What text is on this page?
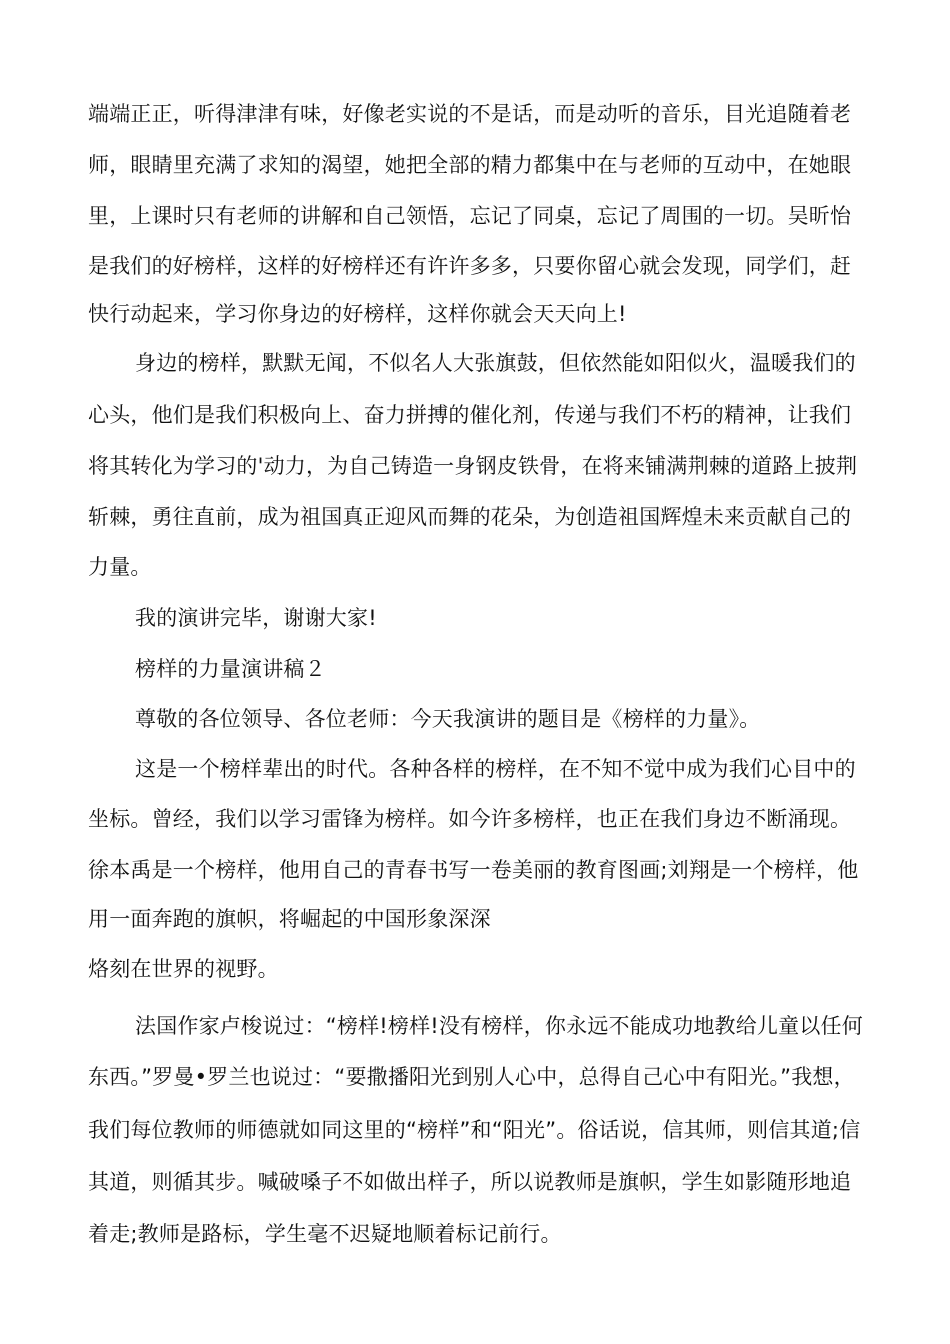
端端正正，听得津津有味，好像老实说的不是话，而是动听的音乐，目光追随着老
师，眼睛里充满了求知的渴望，她把全部的精力都集中在与老师的互动中，在她眼
里，上课时只有老师的讲解和自己领悟，忘记了同桌，忘记了周围的一切。吴昕怡
是我们的好榜样，这样的好榜样还有许许多多，只要你留心就会发现，同学们，赶
快行动起来，学习你身边的好榜样，这样你就会天天向上!
身边的榜样，默默无闻，不似名人大张旗鼓，但依然能如阳似火，温暖我们的
心头，他们是我们积极向上、奋力拼搏的催化剂，传递与我们不朽的精神，让我们
将其转化为学习的'动力，为自己铸造一身钢皮铁骨，在将来铺满荆棘的道路上披荆
斩棘，勇往直前，成为祖国真正迎风而舞的花朵，为创造祖国辉煌未来贡献自己的
力量。
我的演讲完毕，谢谢大家!
榜样的力量演讲稿２
尊敬的各位领导、各位老师：今天我演讲的题目是《榜样的力量》。
这是一个榜样辈出的时代。各种各样的榜样，在不知不觉中成为我们心目中的
坐标。曾经，我们以学习雷锋为榜样。如今许多榜样，也正在我们身边不断涌现。
徐本禹是一个榜样，他用自己的青春书写一卷美丽的教育图画;刘翔是一个榜样，他
用一面奔跑的旗帜，将崛起的中国形象深深
烙刻在世界的视野。
法国作家卢梭说过：“榜样!榜样!没有榜样，你永远不能成功地教给儿童以任何
东西。”罗曼•罗兰也说过：“要撒播阳光到别人心中，总得自己心中有阳光。”我想，
我们每位教师的师德就如同这里的“榜样”和“阳光”。俗话说，信其师，则信其道;信
其道，则循其步。喊破嗓子不如做出样子，所以说教师是旗帜，学生如影随形地追
着走;教师是路标，学生毫不迟疑地顺着标记前行。
